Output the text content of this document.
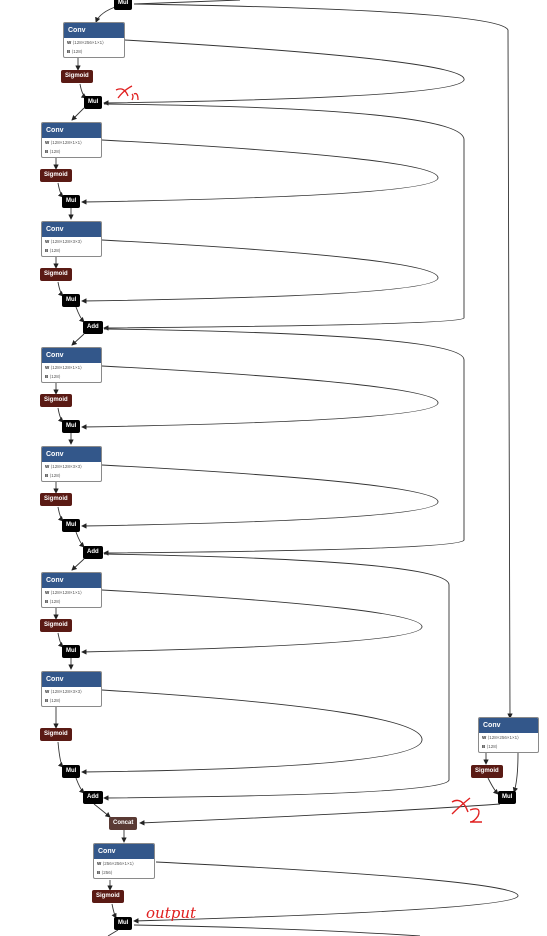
output
Mul
Conv
W ⟨128×256×1×1⟩
B ⟨128⟩
Sigmoid
Mul
Conv
W ⟨128×128×1×1⟩
B ⟨128⟩
Sigmoid
Mul
Conv
W ⟨128×128×3×3⟩
B ⟨128⟩
Sigmoid
Mul
Add
Conv
W ⟨128×128×1×1⟩
B ⟨128⟩
Sigmoid
Mul
Conv
W ⟨128×128×3×3⟩
B ⟨128⟩
Sigmoid
Mul
Add
Conv
W ⟨128×128×1×1⟩
B ⟨128⟩
Sigmoid
Mul
Conv
W ⟨128×128×3×3⟩
B ⟨128⟩
Sigmoid
Mul
Add
Conv
W ⟨128×256×1×1⟩
B ⟨128⟩
Sigmoid
Mul
Concat
Conv
W ⟨256×256×1×1⟩
B ⟨256⟩
Sigmoid
Mul
